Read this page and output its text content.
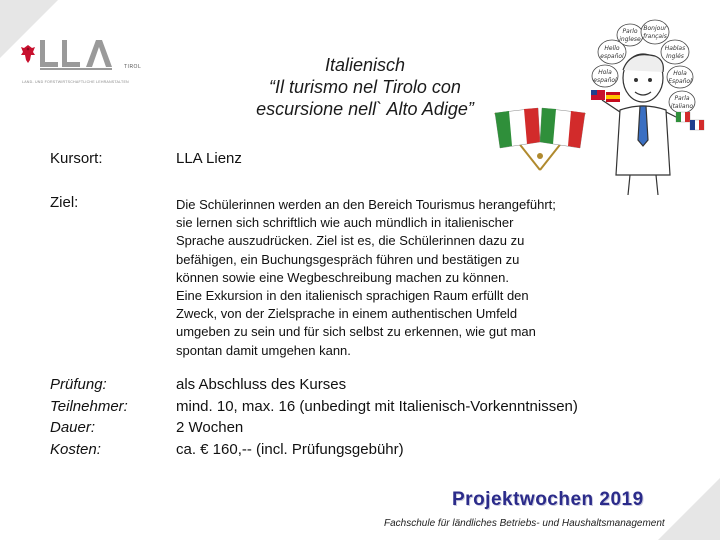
TIROL
LAND- UND FORSTWIRTSCHAFTLICHE LEHRANSTALTEN
Italienisch
“Il turismo nel Tirolo con
escursione nell` Alto Adige”
Hello
español
Parlo
inglese
Bonjour
français
Hola
español
Hablas
Inglés
Hola
Español
Parla
italiano
Kursort:	LLA Lienz
Ziel:	Die Schülerinnen werden an den Bereich Tourismus herangeführt;
sie lernen sich schriftlich wie auch mündlich in italienischer
Sprache auszudrücken. Ziel ist es, die Schülerinnen dazu zu
befähigen, ein Buchungsgespräch führen und bestätigen zu
können sowie eine Wegbeschreibung machen zu können.
Eine Exkursion in den italienisch sprachigen Raum erfüllt den
Zweck, von der Zielsprache in einem authentischen Umfeld
umgeben zu sein und für sich selbst zu erkennen, wie gut man
spontan damit umgehen kann.
Prüfung:
Teilnehmer:
Dauer:
Kosten:
als Abschluss des Kurses
mind. 10, max. 16 (unbedingt mit Italienisch-Vorkenntnissen)
2 Wochen
ca. € 160,-- (incl. Prüfungsgebühr)
Projektwochen 2019
Fachschule für ländliches Betriebs- und Haushaltsmanagement
